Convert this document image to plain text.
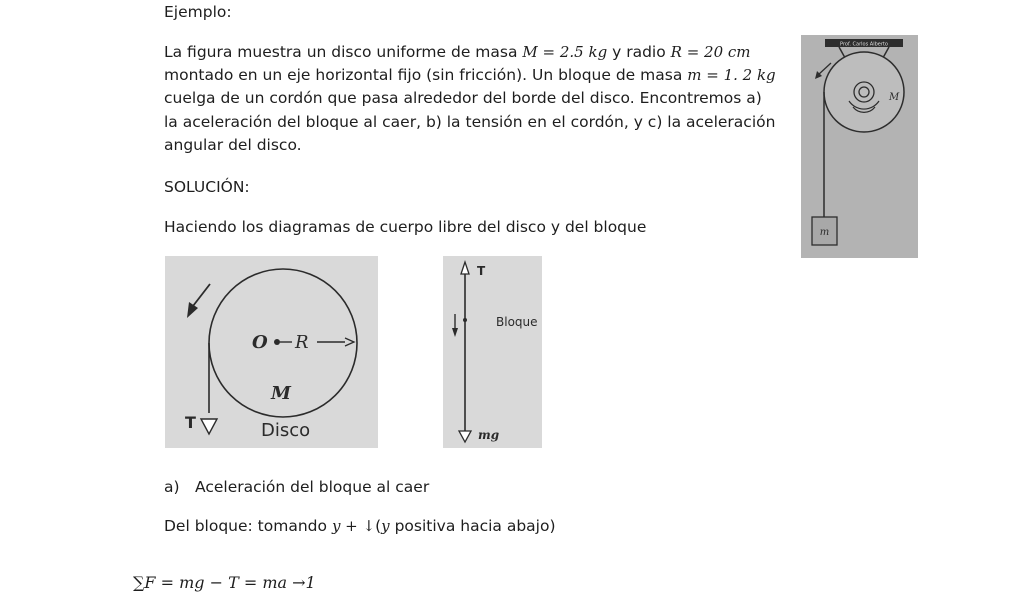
Ejemplo:
La figura muestra un disco uniforme de masa M = 2.5 kg y radio R = 20 cm
montado en un eje horizontal fijo (sin fricción). Un bloque de masa m = 1. 2 kg
cuelga de un cordón que pasa alrededor del borde del disco. Encontremos a)
la aceleración del bloque al caer, b) la tensión en el cordón, y c) la aceleración
angular del disco.
Prof. Carlos Alberto
M
m
SOLUCIÓN:
Haciendo los diagramas de cuerpo libre del disco y del bloque
O R
M
T	Disco
T
Bloque
mg
a) Aceleración del bloque al caer
Del bloque: tomando y + ↓(y positiva hacia abajo)
∑F = mg − T = ma →1
